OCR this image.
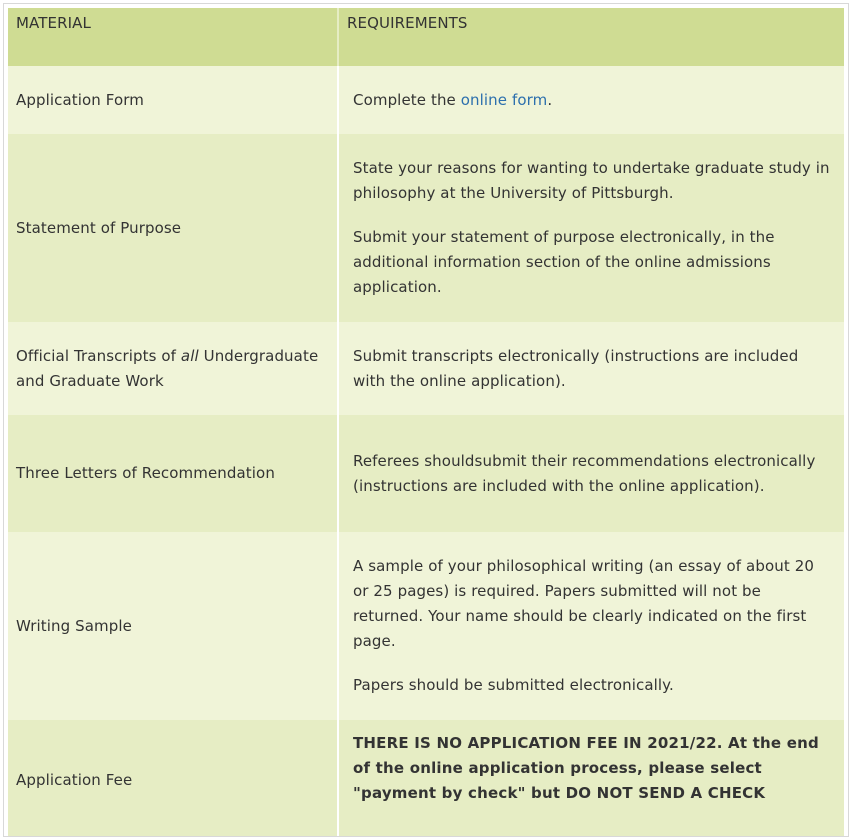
MATERIAL	REQUIREMENTS
Application Form	Complete the online form.
Statement of Purpose	State your reasons for wanting to undertake graduate study in philosophy at the University of Pittsburgh.

Submit your statement of purpose electronically, in the additional information section of the online admissions application.

Official Transcripts of all Undergraduate and Graduate Work	Submit transcripts electronically (instructions are included with the online application).
Three Letters of Recommendation	Referees shouldsubmit their recommendations electronically (instructions are included with the online application).
Writing Sample	A sample of your philosophical writing (an essay of about 20 or 25 pages) is required. Papers submitted will not be returned. Your name should be clearly indicated on the first page.

Papers should be submitted electronically.

Application Fee	THERE IS NO APPLICATION FEE IN 2021/22. At the end of the online application process, please select "payment by check" but DO NOT SEND A CHECK
